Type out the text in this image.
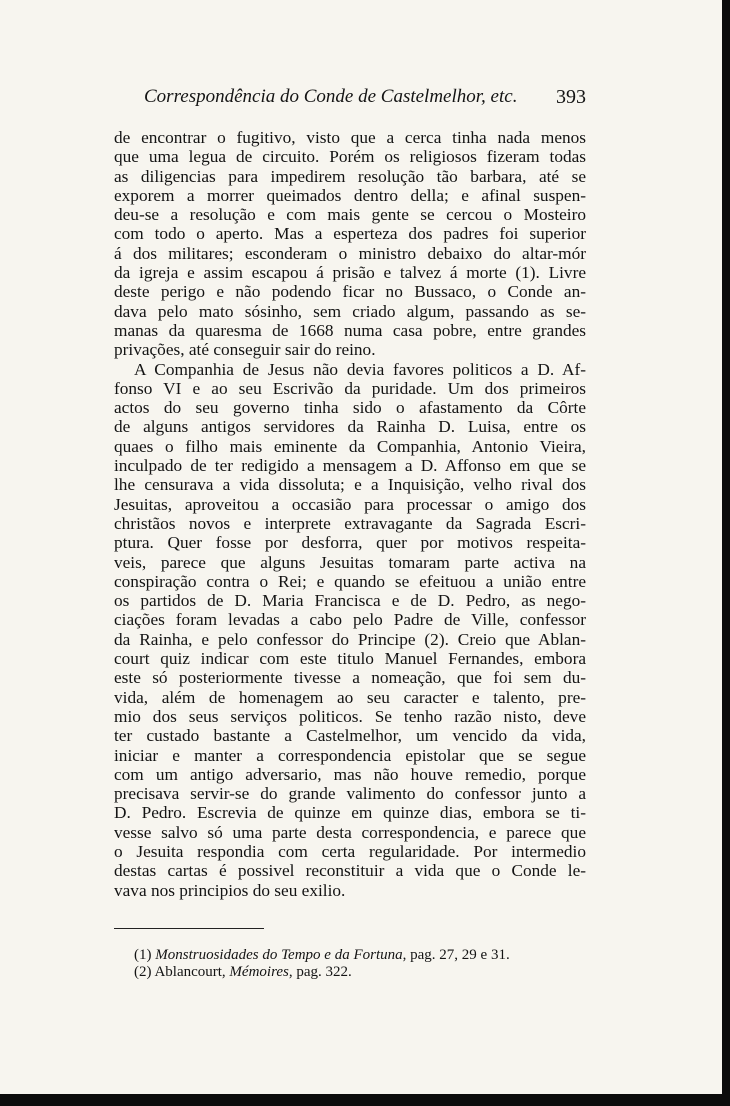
Correspondência do Conde de Castelmelhor, etc. 393
de encontrar o fugitivo, visto que a cerca tinha nada menos
que uma legua de circuito. Porém os religiosos fizeram todas
as diligencias para impedirem resolução tão barbara, até se
exporem a morrer queimados dentro della; e afinal suspen-
deu-se a resolução e com mais gente se cercou o Mosteiro
com todo o aperto. Mas a esperteza dos padres foi superior
á dos militares; esconderam o ministro debaixo do altar-mór
da igreja e assim escapou á prisão e talvez á morte (1). Livre
deste perigo e não podendo ficar no Bussaco, o Conde an-
dava pelo mato sósinho, sem criado algum, passando as se-
manas da quaresma de 1668 numa casa pobre, entre grandes
privações, até conseguir sair do reino.
A Companhia de Jesus não devia favores politicos a D. Af-
fonso VI e ao seu Escrivão da puridade. Um dos primeiros
actos do seu governo tinha sido o afastamento da Côrte
de alguns antigos servidores da Rainha D. Luisa, entre os
quaes o filho mais eminente da Companhia, Antonio Vieira,
inculpado de ter redigido a mensagem a D. Affonso em que se
lhe censurava a vida dissoluta; e a Inquisição, velho rival dos
Jesuitas, aproveitou a occasião para processar o amigo dos
christãos novos e interprete extravagante da Sagrada Escri-
ptura. Quer fosse por desforra, quer por motivos respeita-
veis, parece que alguns Jesuitas tomaram parte activa na
conspiração contra o Rei; e quando se efeituou a união entre
os partidos de D. Maria Francisca e de D. Pedro, as nego-
ciações foram levadas a cabo pelo Padre de Ville, confessor
da Rainha, e pelo confessor do Principe (2). Creio que Ablan-
court quiz indicar com este titulo Manuel Fernandes, embora
este só posteriormente tivesse a nomeação, que foi sem du-
vida, além de homenagem ao seu caracter e talento, pre-
mio dos seus serviços politicos. Se tenho razão nisto, deve
ter custado bastante a Castelmelhor, um vencido da vida,
iniciar e manter a correspondencia epistolar que se segue
com um antigo adversario, mas não houve remedio, porque
precisava servir-se do grande valimento do confessor junto a
D. Pedro. Escrevia de quinze em quinze dias, embora se ti-
vesse salvo só uma parte desta correspondencia, e parece que
o Jesuita respondia com certa regularidade. Por intermedio
destas cartas é possivel reconstituir a vida que o Conde le-
vava nos principios do seu exilio.
(1) Monstruosidades do Tempo e da Fortuna, pag. 27, 29 e 31.
(2) Ablancourt, Mémoires, pag. 322.
